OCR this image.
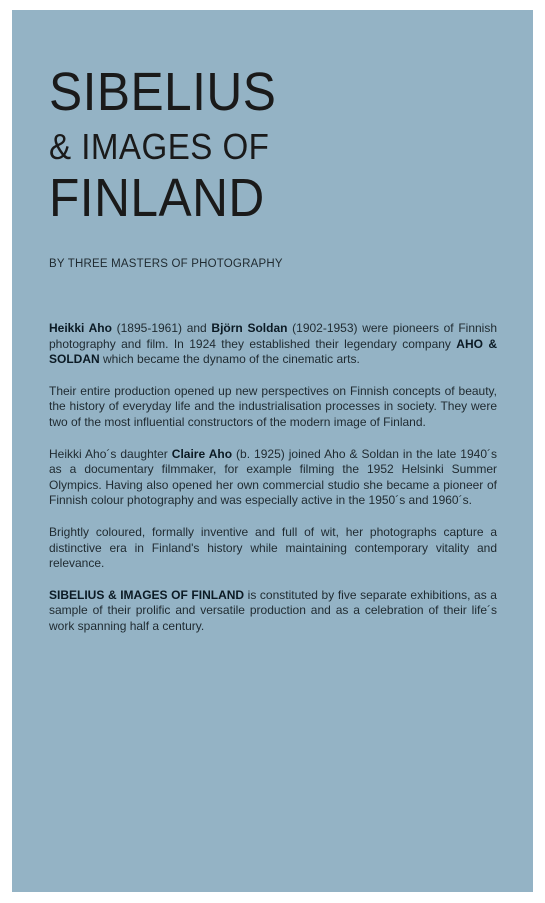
SIBELIUS
& IMAGES OF
FINLAND
BY THREE MASTERS OF PHOTOGRAPHY

Heikki Aho (1895-1961) and Björn Soldan (1902-1953) were pioneers of Finnish photography and film. In 1924 they established their legendary company AHO & SOLDAN which became the dynamo of the cinematic arts.

Their entire production opened up new perspectives on Finnish concepts of beauty, the history of everyday life and the industrialisation processes in society. They were two of the most influential constructors of the modern image of Finland.

Heikki Aho´s daughter Claire Aho (b. 1925) joined Aho & Soldan in the late 1940´s as a documentary filmmaker, for example filming the 1952 Helsinki Summer Olympics. Having also opened her own commercial studio she became a pioneer of Finnish colour photography and was especially active in the 1950´s and 1960´s.

Brightly coloured, formally inventive and full of wit, her photographs capture a distinctive era in Finland's history while maintaining contemporary vitality and relevance.

SIBELIUS & IMAGES OF FINLAND is constituted by five separate exhibitions, as a sample of their prolific and versatile production and as a celebration of their life´s work spanning half a century.
